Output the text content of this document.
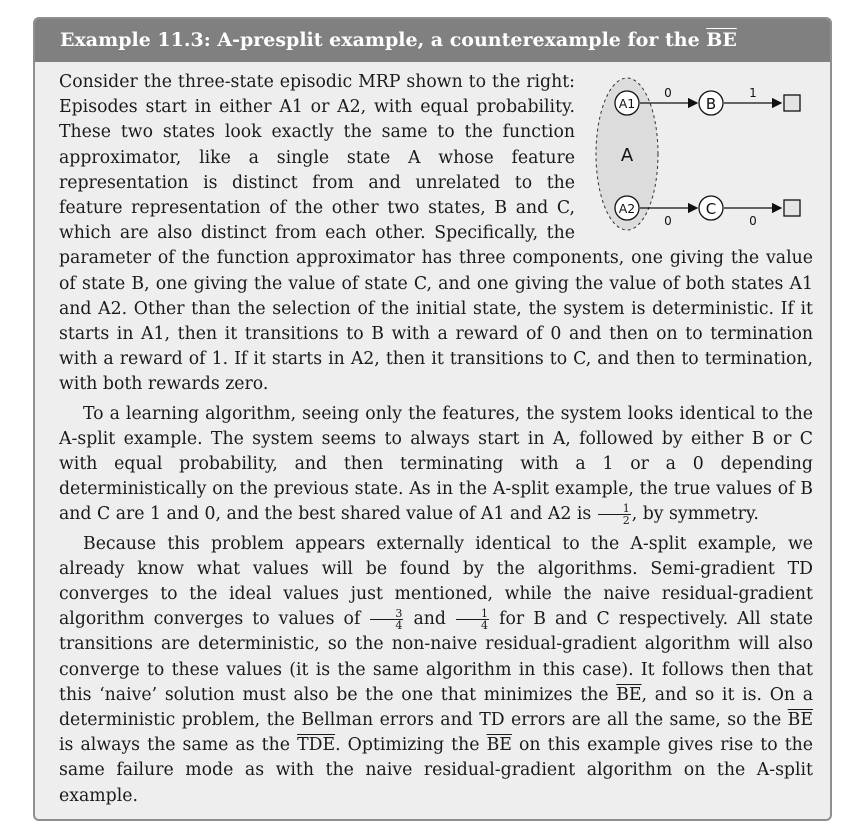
Example 11.3: A-presplit example, a counterexample for the $\overline{BE}$

A
A1
A2
B
C
0	1
0	0
Consider the three-state episodic MRP shown to the right: Episodes start in either A1 or A2, with equal probability. These two states look exactly the same to the function approximator, like a single state A whose feature representation is distinct from and unrelated to the feature representation of the other two states, B and C, which are also distinct from each other. Specifically, the parameter of the function approximator has three components, one giving the value of state B, one giving the value of state C, and one giving the value of both states A1 and A2. Other than the selection of the initial state, the system is deterministic. If it starts in A1, then it transitions to B with a reward of 0 and then on to termination with a reward of 1. If it starts in A2, then it transitions to C, and then to termination, with both rewards zero.

To a learning algorithm, seeing only the features, the system looks identical to the A-split example. The system seems to always start in A, followed by either B or C with equal probability, and then terminating with a 1 or a 0 depending deterministically on the previous state. As in the A-split example, the true values of B and C are 1 and 0, and the best shared value of A1 and A2 is $\frac{1}{2}$ , by symmetry.

Because this problem appears externally identical to the A-split example, we already know what values will be found by the algorithms. Semi-gradient TD converges to the ideal values just mentioned, while the naive residual-gradient algorithm converges to values of $\frac{3}{4}$ and $\frac{1}{4}$ for B and C respectively. All state transitions are deterministic, so the non-naive residual-gradient algorithm will also converge to these values (it is the same algorithm in this case). It follows then that this ‘naive’ solution must also be the one that minimizes the $\overline{BE}$, and so it is. On a deterministic problem, the Bellman errors and TD errors are all the same, so the $\overline{BE}$ is always the same as the $\overline{TDE}$. Optimizing the $\overline{BE}$ on this example gives rise to the same failure mode as with the naive residual-gradient algorithm on the A-split example.
